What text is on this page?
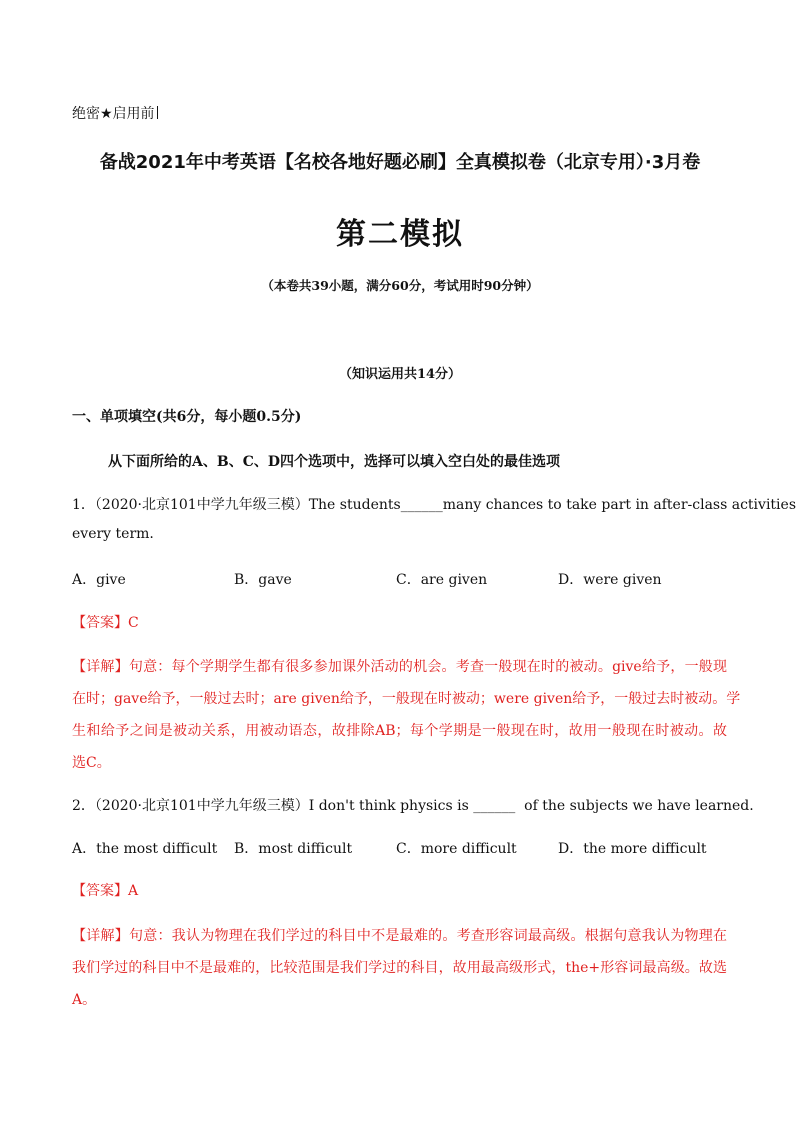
绝密★启用前
备战2021年中考英语【名校各地好题必刷】全真模拟卷（北京专用）·3月卷
第二模拟
（本卷共39小题，满分60分，考试用时90分钟）
（知识运用共14分）
一、单项填空(共6分，每小题0.5分)
从下面所给的A、B、C、D四个选项中，选择可以填入空白处的最佳选项
1．（2020·北京101中学九年级三模）The students______many chances to take part in after-class activities
every term.
A．give	B．gave	C．are given	D．were given
【答案】C
【详解】句意：每个学期学生都有很多参加课外活动的机会。考查一般现在时的被动。give给予，一般现
在时；gave给予，一般过去时；are given给予，一般现在时被动；were given给予，一般过去时被动。学
生和给予之间是被动关系，用被动语态，故排除AB；每个学期是一般现在时，故用一般现在时被动。故
选C。
2．（2020·北京101中学九年级三模）I don't think physics is ______ of the subjects we have learned.
A．the most difficult B．most difficult	C．more difficult	D．the more difficult
【答案】A
【详解】句意：我认为物理在我们学过的科目中不是最难的。考查形容词最高级。根据句意我认为物理在
我们学过的科目中不是最难的，比较范围是我们学过的科目，故用最高级形式，the+形容词最高级。故选
A。
